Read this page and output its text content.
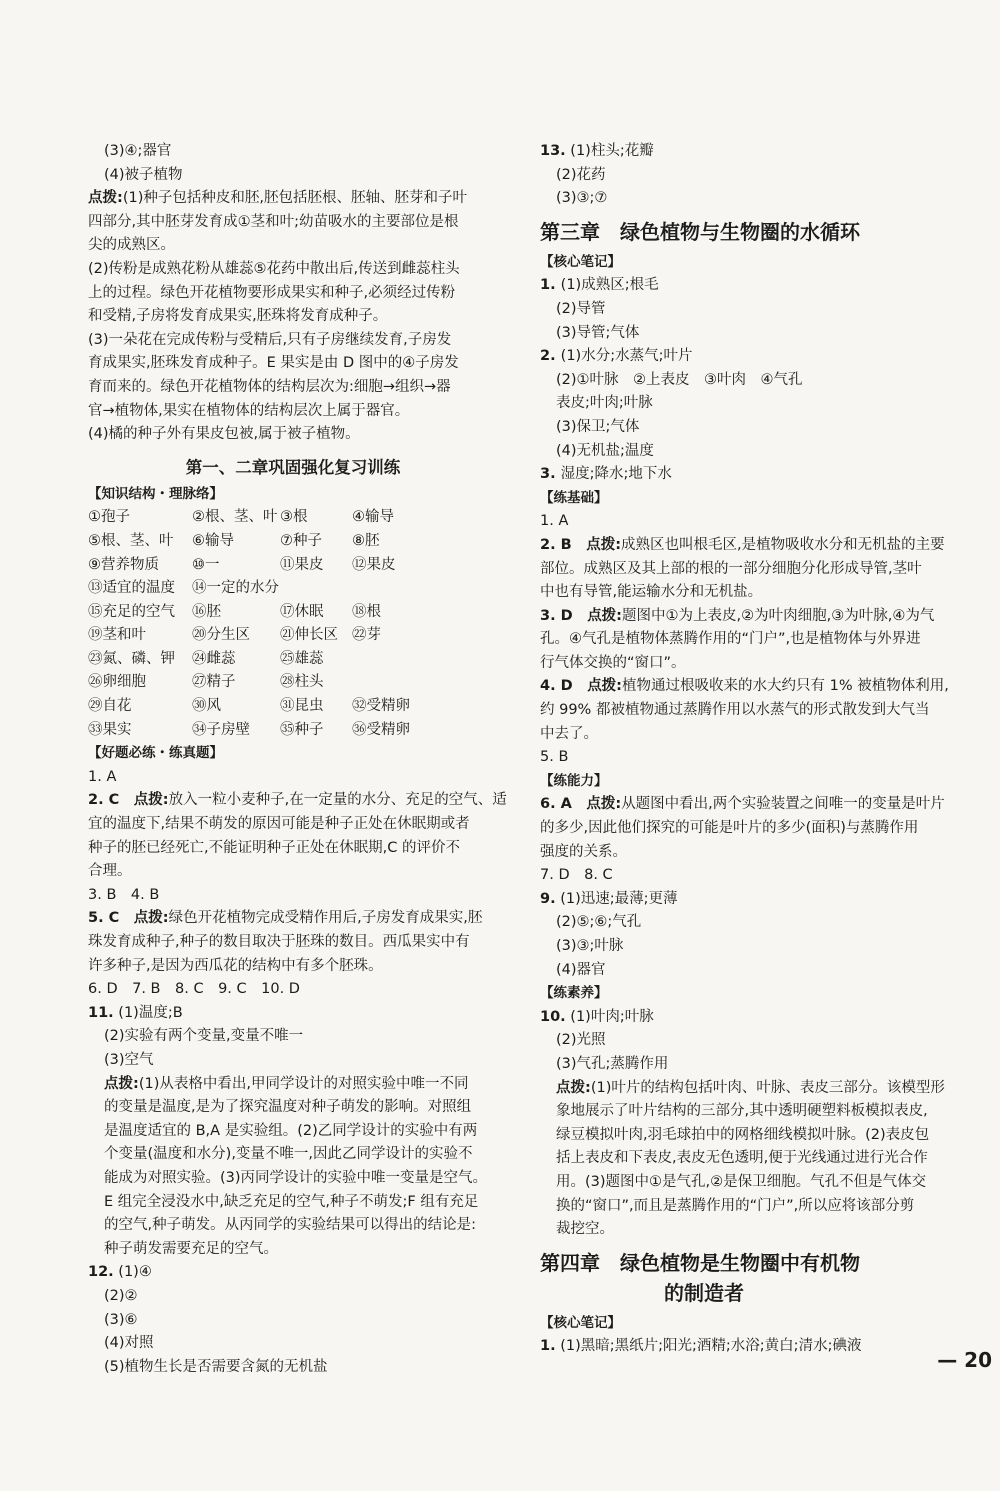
(3)④;器官
(4)被子植物
点拨:(1)种子包括种皮和胚,胚包括胚根、胚轴、胚芽和子叶
四部分,其中胚芽发育成①茎和叶;幼苗吸水的主要部位是根
尖的成熟区。
(2)传粉是成熟花粉从雄蕊⑤花药中散出后,传送到雌蕊柱头
上的过程。绿色开花植物要形成果实和种子,必须经过传粉
和受精,子房将发育成果实,胚珠将发育成种子。
(3)一朵花在完成传粉与受精后,只有子房继续发育,子房发
育成果实,胚珠发育成种子。E 果实是由 D 图中的④子房发
育而来的。绿色开花植物体的结构层次为:细胞→组织→器
官→植物体,果实在植物体的结构层次上属于器官。
(4)橘的种子外有果皮包被,属于被子植物。
第一、二章巩固强化复习训练
【知识结构・理脉络】
①孢子	②根、茎、叶 ③根	④输导
⑤根、茎、叶 ⑥输导	⑦种子 ⑧胚
⑨营养物质 ⑩一	⑪果皮 ⑫果皮
⑬适宜的温度 ⑭一定的水分
⑮充足的空气 ⑯胚	⑰休眠 ⑱根
⑲茎和叶	⑳分生区 ㉑伸长区 ㉒芽
㉓氮、磷、钾 ㉔雌蕊	㉕雄蕊
㉖卵细胞	㉗精子	㉘柱头
㉙自花	㉚风	㉛昆虫 ㉜受精卵
㉝果实	㉞子房壁 ㉟种子 ㊱受精卵
【好题必练・练真题】
1. A
2. C　 点拨:放入一粒小麦种子,在一定量的水分、充足的空气、适
宜的温度下,结果不萌发的原因可能是种子正处在休眠期或者
种子的胚已经死亡,不能证明种子正处在休眠期,C 的评价不
合理。
3. B　4. B
5. C　 点拨:绿色开花植物完成受精作用后,子房发育成果实,胚
珠发育成种子,种子的数目取决于胚珠的数目。西瓜果实中有
许多种子,是因为西瓜花的结构中有多个胚珠。
6. D　7. B　8. C　9. C　10. D
11. (1)温度;B
(2)实验有两个变量,变量不唯一
(3)空气
点拨:(1)从表格中看出,甲同学设计的对照实验中唯一不同
的变量是温度,是为了探究温度对种子萌发的影响。对照组
是温度适宜的 B,A 是实验组。(2)乙同学设计的实验中有两
个变量(温度和水分),变量不唯一,因此乙同学设计的实验不
能成为对照实验。(3)丙同学设计的实验中唯一变量是空气。
E 组完全浸没水中,缺乏充足的空气,种子不萌发;F 组有充足
的空气,种子萌发。从丙同学的实验结果可以得出的结论是:
种子萌发需要充足的空气。
12. (1)④
(2)②
(3)⑥
(4)对照
(5)植物生长是否需要含氮的无机盐
13. (1)柱头;花瓣
(2)花药
(3)③;⑦
第三章　绿色植物与生物圈的水循环
【核心笔记】
1. (1)成熟区;根毛
(2)导管
(3)导管;气体
2. (1)水分;水蒸气;叶片
(2)①叶脉　②上表皮　③叶肉　④气孔
表皮;叶肉;叶脉
(3)保卫;气体
(4)无机盐;温度
3. 湿度;降水;地下水
【练基础】
1. A
2. B　 点拨:成熟区也叫根毛区,是植物吸收水分和无机盐的主要
部位。成熟区及其上部的根的一部分细胞分化形成导管,茎叶
中也有导管,能运输水分和无机盐。
3. D　 点拨:题图中①为上表皮,②为叶肉细胞,③为叶脉,④为气
孔。④气孔是植物体蒸腾作用的“门户”,也是植物体与外界进
行气体交换的“窗口”。
4. D　 点拨:植物通过根吸收来的水大约只有 1% 被植物体利用,
约 99% 都被植物通过蒸腾作用以水蒸气的形式散发到大气当
中去了。
5. B
【练能力】
6. A　 点拨:从题图中看出,两个实验装置之间唯一的变量是叶片
的多少,因此他们探究的可能是叶片的多少(面积)与蒸腾作用
强度的关系。
7. D　8. C
9. (1)迅速;最薄;更薄
(2)⑤;⑥;气孔
(3)③;叶脉
(4)器官
【练素养】
10. (1)叶肉;叶脉
(2)光照
(3)气孔;蒸腾作用
点拨:(1)叶片的结构包括叶肉、叶脉、表皮三部分。该模型形
象地展示了叶片结构的三部分,其中透明硬塑料板模拟表皮,
绿豆模拟叶肉,羽毛球拍中的网格细线模拟叶脉。(2)表皮包
括上表皮和下表皮,表皮无色透明,便于光线通过进行光合作
用。(3)题图中①是气孔,②是保卫细胞。气孔不但是气体交
换的“窗口”,而且是蒸腾作用的“门户”,所以应将该部分剪
裁挖空。
第四章　绿色植物是生物圈中有机物
的制造者
【核心笔记】
1. (1)黑暗;黑纸片;阳光;酒精;水浴;黄白;清水;碘液
— 20
